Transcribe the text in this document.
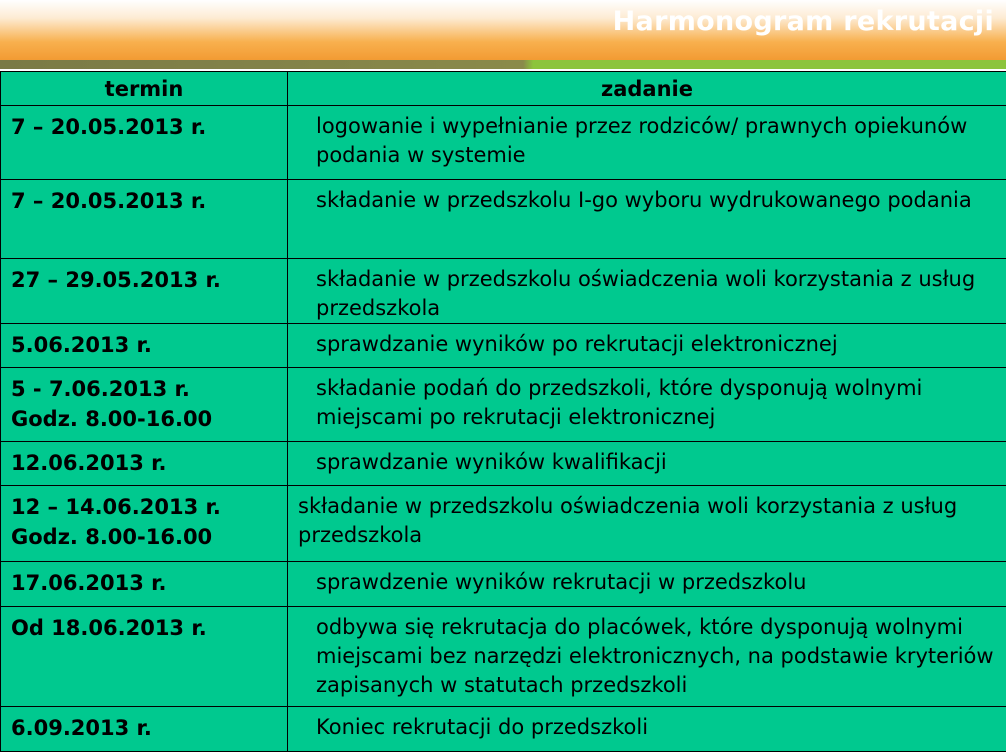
Harmonogram rekrutacji
termin	zadanie

7 – 20.05.2013 r.	logowanie i wypełnianie przez rodziców/ prawnych opiekunów podania w systemie

7 – 20.05.2013 r.	składanie w przedszkolu I-go wyboru wydrukowanego podania

27 – 29.05.2013 r.	składanie w przedszkolu oświadczenia woli korzystania z usług przedszkola

5.06.2013 r.	sprawdzanie wyników po rekrutacji elektronicznej

5 - 7.06.2013 r.
Godz. 8.00-16.00	składanie podań do przedszkoli, które dysponują wolnymi miejscami po rekrutacji elektronicznej

12.06.2013 r.	sprawdzanie wyników kwalifikacji

12 – 14.06.2013 r.
Godz. 8.00-16.00	składanie w przedszkolu oświadczenia woli korzystania z usług przedszkola

17.06.2013 r.	sprawdzenie wyników rekrutacji w przedszkolu

Od 18.06.2013 r.	odbywa się rekrutacja do placówek, które dysponują wolnymi miejscami bez narzędzi elektronicznych, na podstawie kryteriów zapisanych w statutach przedszkoli

6.09.2013 r.	Koniec rekrutacji do przedszkoli
